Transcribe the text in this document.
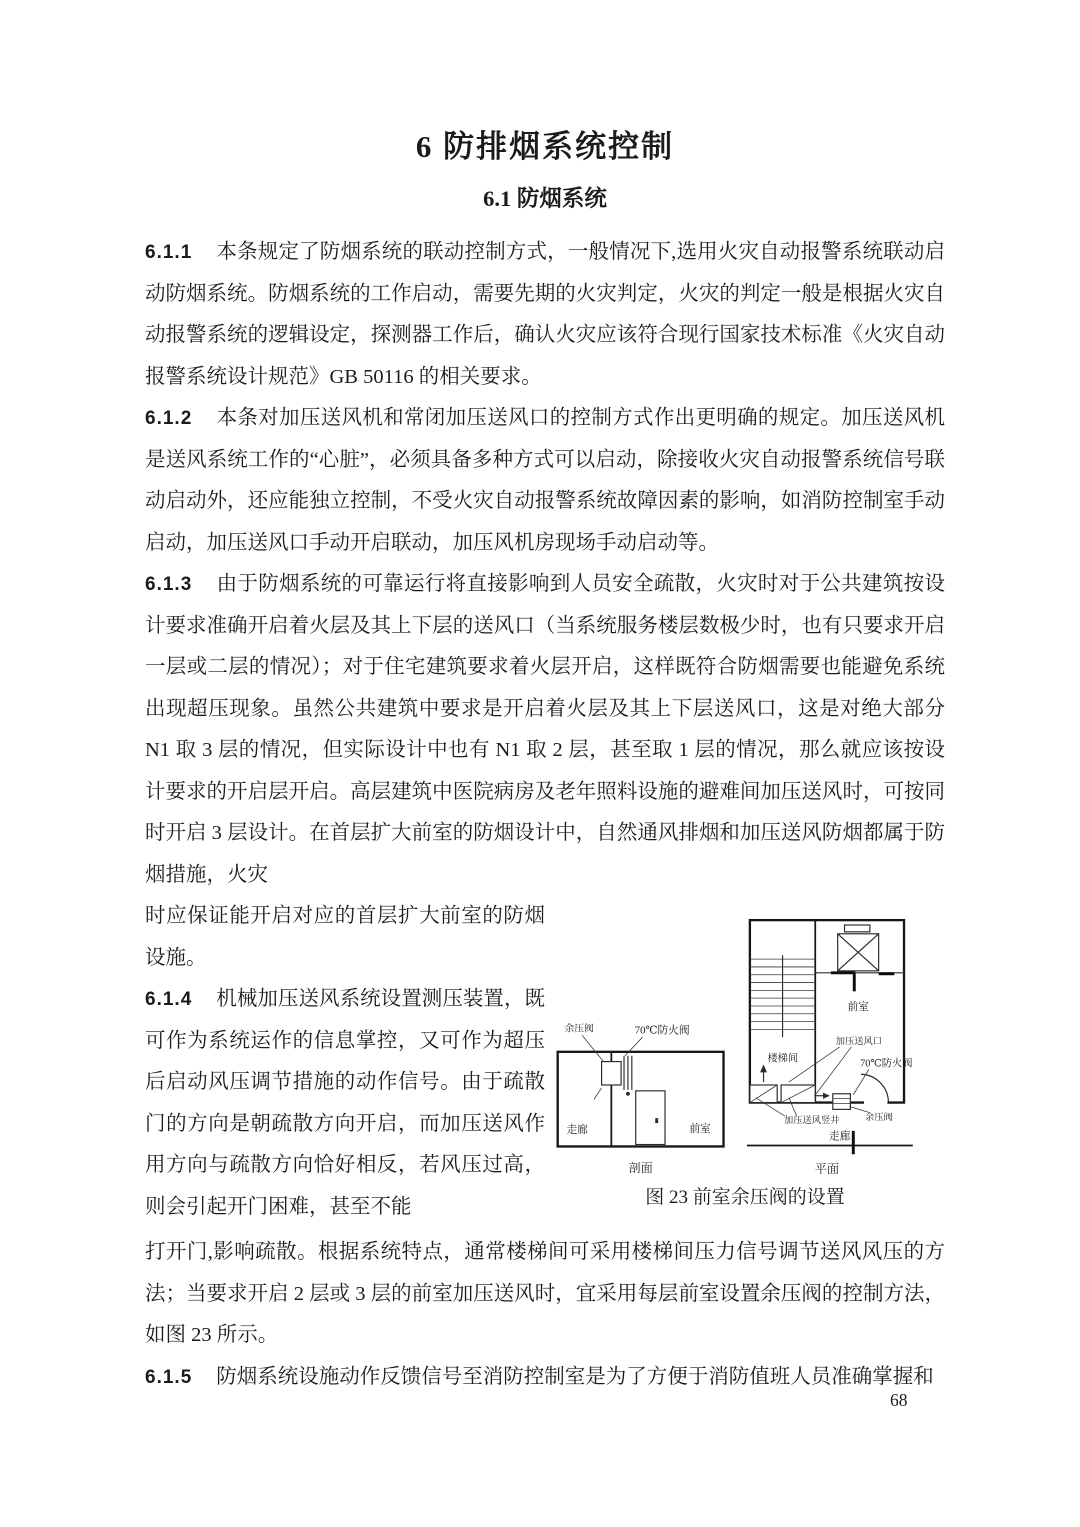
6 防排烟系统控制
6.1 防烟系统

6.1.1 本条规定了防烟系统的联动控制方式，一般情况下,选用火灾自动报警系统联动启动防烟系统。防烟系统的工作启动，需要先期的火灾判定，火灾的判定一般是根据火灾自动报警系统的逻辑设定，探测器工作后，确认火灾应该符合现行国家技术标准《火灾自动报警系统设计规范》GB 50116 的相关要求。

6.1.2 本条对加压送风机和常闭加压送风口的控制方式作出更明确的规定。加压送风机是送风系统工作的“心脏”，必须具备多种方式可以启动，除接收火灾自动报警系统信号联动启动外，还应能独立控制，不受火灾自动报警系统故障因素的影响，如消防控制室手动启动，加压送风口手动开启联动，加压风机房现场手动启动等。

6.1.3 由于防烟系统的可靠运行将直接影响到人员安全疏散，火灾时对于公共建筑按设计要求准确开启着火层及其上下层的送风口（当系统服务楼层数极少时，也有只要求开启一层或二层的情况）；对于住宅建筑要求着火层开启，这样既符合防烟需要也能避免系统出现超压现象。虽然公共建筑中要求是开启着火层及其上下层送风口，这是对绝大部分 N1 取 3 层的情况，但实际设计中也有 N1 取 2 层，甚至取 1 层的情况，那么就应该按设计要求的开启层开启。高层建筑中医院病房及老年照料设施的避难间加压送风时，可按同时开启 3 层设计。在首层扩大前室的防烟设计中，自然通风排烟和加压送风防烟都属于防烟措施，火灾

时应保证能开启对应的首层扩大前室的防烟设施。

6.1.4 机械加压送风系统设置测压装置，既可作为系统运作的信息掌控，又可作为超压后启动风压调节措施的动作信号。由于疏散门的方向是朝疏散方向开启，而加压送风作用方向与疏散方向恰好相反，若风压过高，则会引起开门困难，甚至不能

余压阀	70℃防火阀
走廊	前室
剖面
楼梯间
前室
加压送风口
70℃防火阀
加压送风竖井	余压阀
走廊
平面
图 23 前室余压阀的设置

打开门,影响疏散。根据系统特点，通常楼梯间可采用楼梯间压力信号调节送风风压的方法；当要求开启 2 层或 3 层的前室加压送风时，宜采用每层前室设置余压阀的控制方法，如图 23 所示。

6.1.5 防烟系统设施动作反馈信号至消防控制室是为了方便于消防值班人员准确掌握和

68
